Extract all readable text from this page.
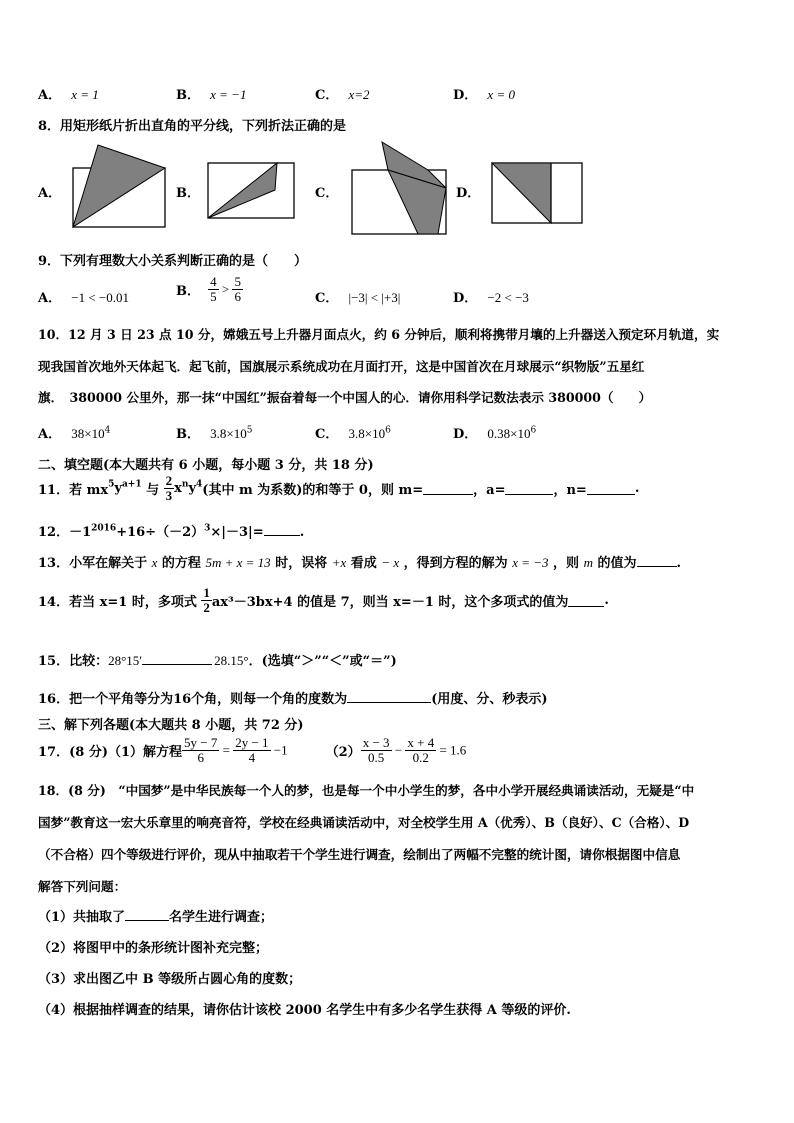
A． x = 1	B． x = −1	C． x=2	D． x = 0
8．用矩形纸片折出直角的平分线，下列折法正确的是
A．	B．	C．	D．
9．下列有理数大小关系判断正确的是（　　）
A． −1 < −0.01	B． $\frac{4}{5} > \frac{5}{6}$	C． |−3| < |+3|	D． −2 < −3
10．12 月 3 日 23 点 10 分，嫦娥五号上升器月面点火，约 6 分钟后，顺利将携带月壤的上升器送入预定环月轨道，实
现我国首次地外天体起飞．起飞前，国旗展示系统成功在月面打开，这是中国首次在月球展示“织物版”五星红
旗．　380000 公里外，那一抹“中国红”振奋着每一个中国人的心．请你用科学记数法表示 380000（　　）
A． $38\times 10^4$	B． $3.8\times 10^5$	C． $3.8\times 10^6$	D． $0.38\times 10^6$
二、填空题(本大题共有 6 小题，每小题 3 分，共 18 分)
11．若 $mx^5y^{a+1}$ 与 $\frac{2}{3} x^ny^4$(其中 m 为系数)的和等于 0，则 m=	，a=	，n=	.
12．$-1^{2016}+16\div(-2)^3\times|-3|=$	.
13．小军在解关于 x 的方程 5m + x = 13 时，误将 +x 看成 − x ，得到方程的解为 x = −3 ，则 m 的值为	.
14．若当 x=1 时，多项式 $\frac{1}{2} ax^3-3bx+4$ 的值是 7，则当 x=－1 时，这个多项式的值为	.
15．比较：28°15′	28.15°．(选填“＞”“＜”或“＝”)
16．把一个平角等分为16个角，则每一个角的度数为	(用度、分、秒表示)
三、解下列各题(本大题共 8 小题，共 72 分)
17．(8 分)（1）解方程 $\frac{5y - 7}{6} = \frac{2y - 1}{4} -1$	$(2) \frac{x - 3}{0.5} - \frac{x + 4}{0.2} = 1.6$
18．(8 分)　“中国梦”是中华民族每一个人的梦，也是每一个中小学生的梦，各中小学开展经典诵读活动，无疑是“中
国梦”教育这一宏大乐章里的响亮音符，学校在经典诵读活动中，对全校学生用 A（优秀）、B（良好）、C（合格）、D
（不合格）四个等级进行评价，现从中抽取若干个学生进行调查，绘制出了两幅不完整的统计图，请你根据图中信息
解答下列问题：
（1）共抽取了	名学生进行调查；
（2）将图甲中的条形统计图补充完整；
（3）求出图乙中 B 等级所占圆心角的度数；
（4）根据抽样调查的结果，请你估计该校 2000 名学生中有多少名学生获得 A 等级的评价.
